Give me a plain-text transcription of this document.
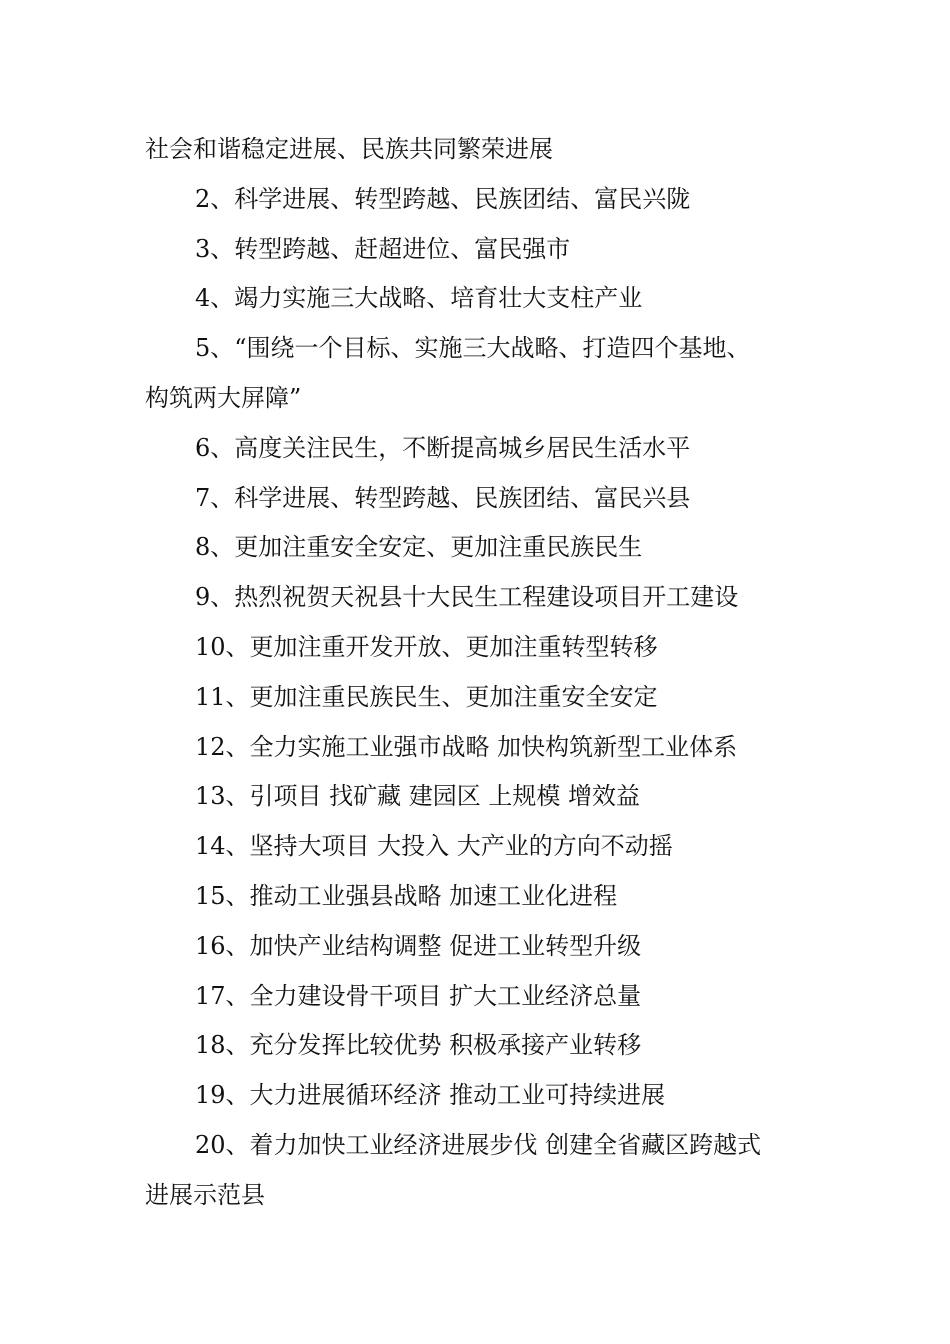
社会和谐稳定进展、民族共同繁荣进展

2、科学进展、转型跨越、民族团结、富民兴陇

3、转型跨越、赶超进位、富民强市

4、竭力实施三大战略、培育壮大支柱产业

5、“围绕一个目标、实施三大战略、打造四个基地、

构筑两大屏障”

6、高度关注民生，不断提高城乡居民生活水平

7、科学进展、转型跨越、民族团结、富民兴县

8、更加注重安全安定、更加注重民族民生

9、热烈祝贺天祝县十大民生工程建设项目开工建设

10、更加注重开发开放、更加注重转型转移

11、更加注重民族民生、更加注重安全安定

12、全力实施工业强市战略 加快构筑新型工业体系

13、引项目 找矿藏 建园区 上规模 增效益

14、坚持大项目 大投入 大产业的方向不动摇

15、推动工业强县战略 加速工业化进程

16、加快产业结构调整 促进工业转型升级

17、全力建设骨干项目 扩大工业经济总量

18、充分发挥比较优势 积极承接产业转移

19、大力进展循环经济 推动工业可持续进展

20、着力加快工业经济进展步伐 创建全省藏区跨越式

进展示范县
